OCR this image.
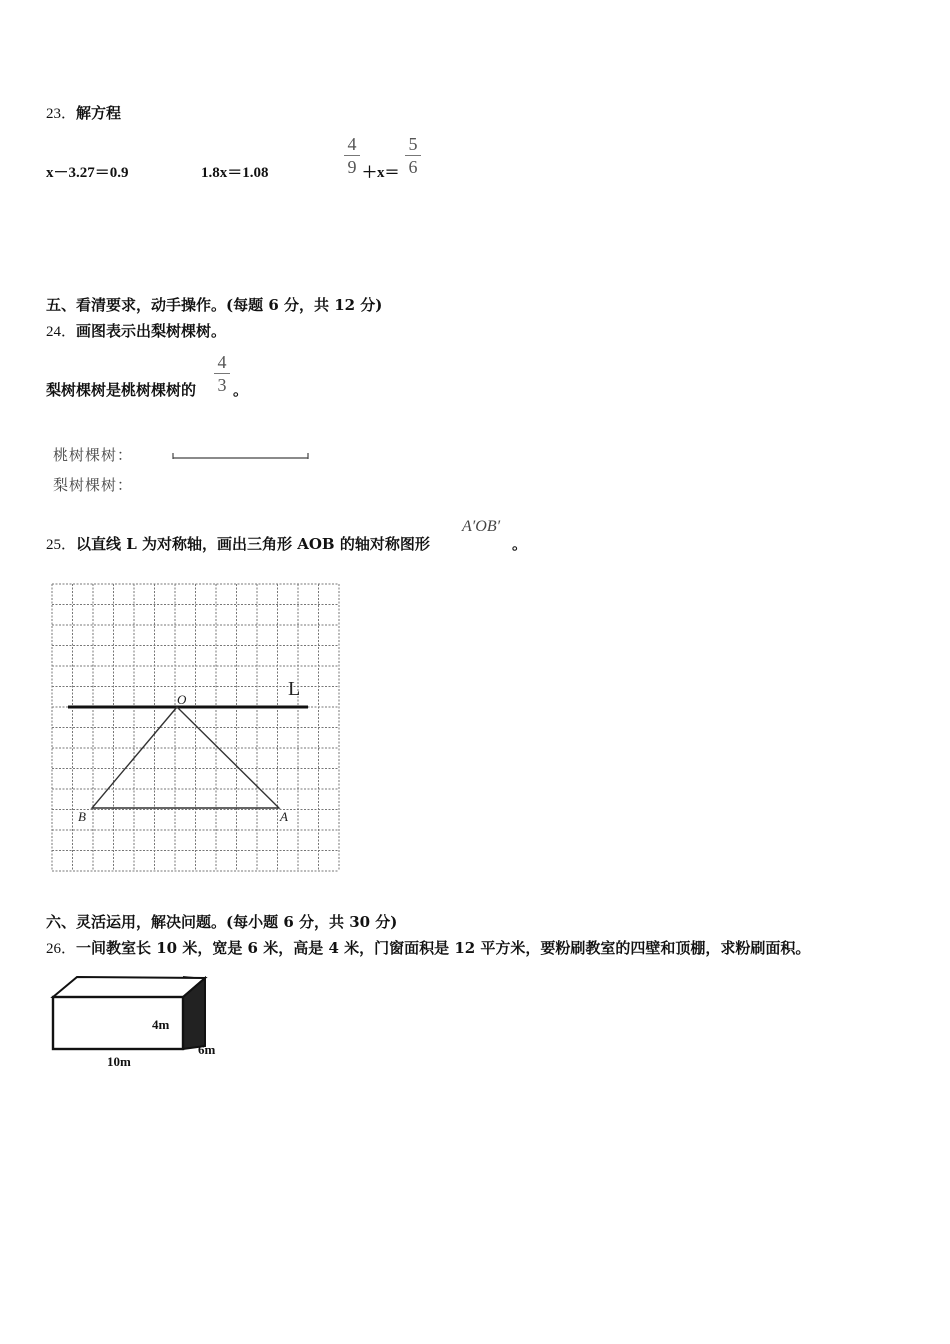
23．解方程
x－3.27＝0.9	1.8x＝1.08
4
9 ＋x＝
5
6
五、看清要求，动手操作。(每题 6 分，共 12 分)
24．画图表示出梨树棵树。
梨树棵树是桃树棵树的
4
3 。
桃树棵树：
梨树棵树：
25．以直线 L 为对称轴，画出三角形 AOB 的轴对称图形
A′OB′
。
L
O
B	A
六、灵活运用，解决问题。(每小题 6 分，共 30 分)
26．一间教室长 10 米，宽是 6 米，高是 4 米，门窗面积是 12 平方米，要粉刷教室的四壁和顶棚，求粉刷面积。
4m
6m
10m
